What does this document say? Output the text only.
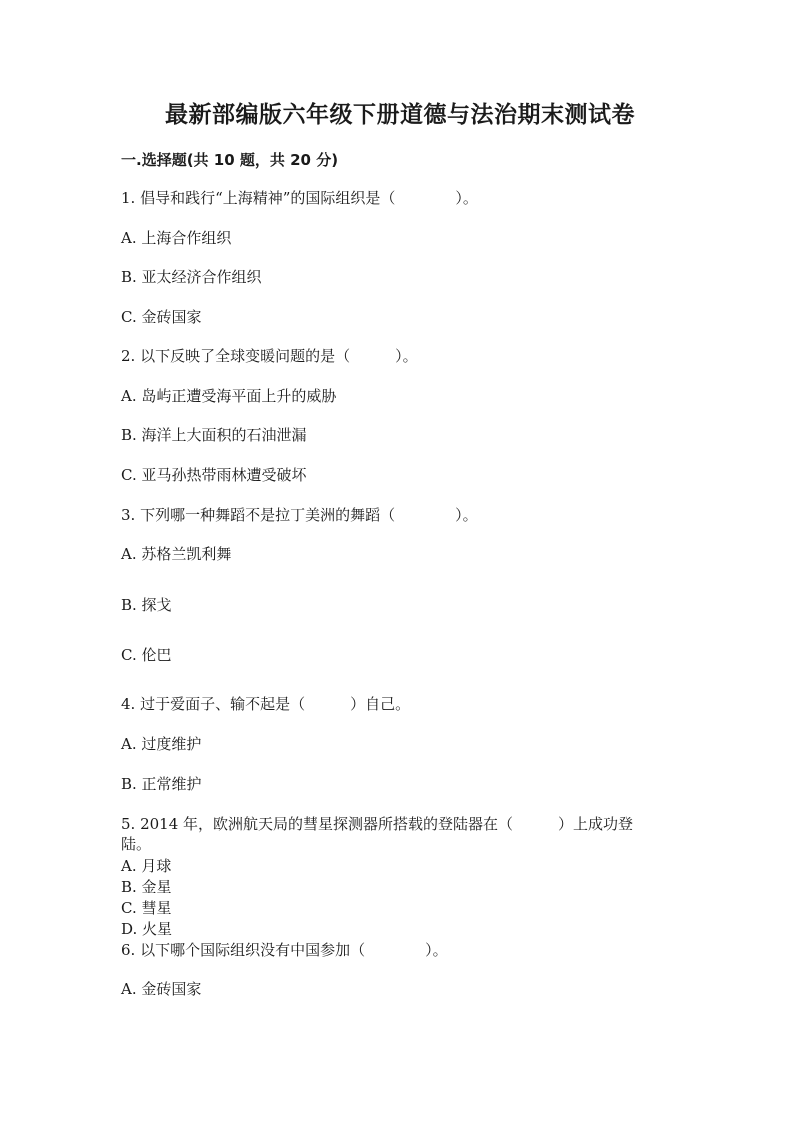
最新部编版六年级下册道德与法治期末测试卷
一.选择题(共 10 题，共 20 分)
1. 倡导和践行“上海精神”的国际组织是（　　　　）。
A. 上海合作组织
B. 亚太经济合作组织
C. 金砖国家
2. 以下反映了全球变暖问题的是（　　　）。
A. 岛屿正遭受海平面上升的威胁
B. 海洋上大面积的石油泄漏
C. 亚马孙热带雨林遭受破坏
3. 下列哪一种舞蹈不是拉丁美洲的舞蹈（　　　　）。
A. 苏格兰凯利舞
B. 探戈
C. 伦巴
4. 过于爱面子、输不起是（　　　）自己。
A. 过度维护
B. 正常维护
5. 2014 年，欧洲航天局的彗星探测器所搭载的登陆器在（　　　）上成功登
陆。
A. 月球
B. 金星
C. 彗星
D. 火星
6. 以下哪个国际组织没有中国参加（　　　　）。
A. 金砖国家
